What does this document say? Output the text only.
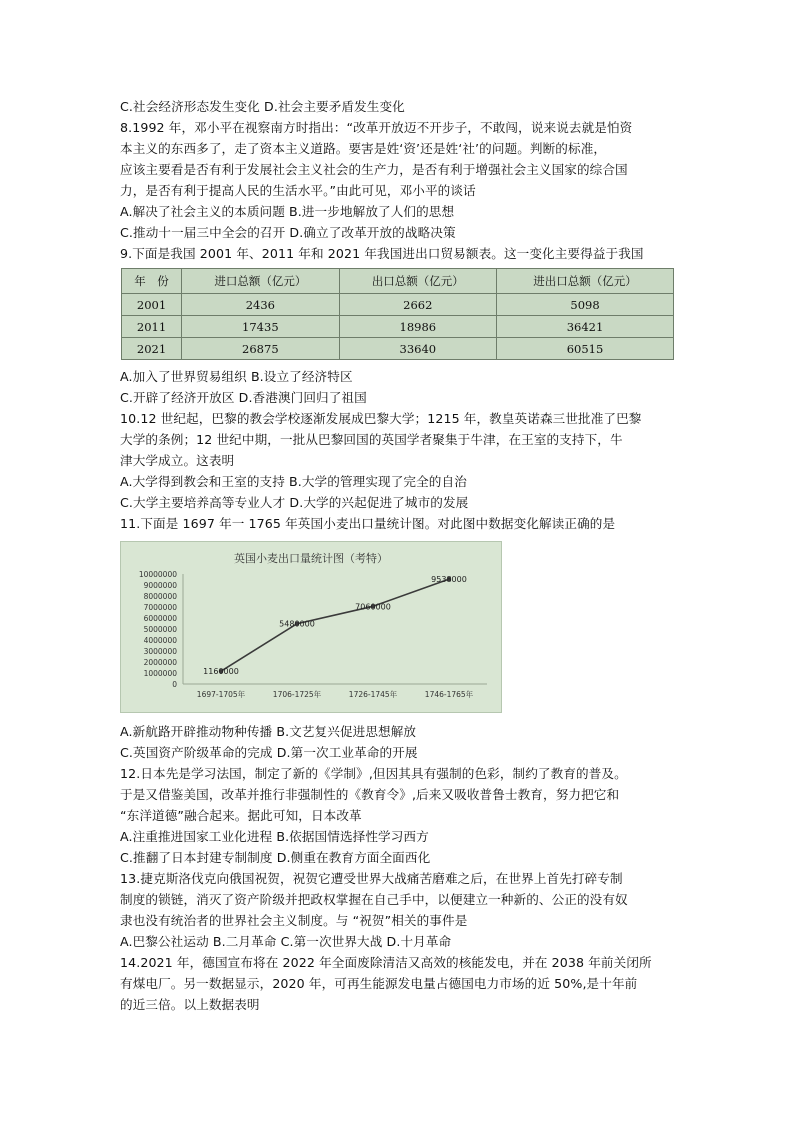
C.社会经济形态发生变化 D.社会主要矛盾发生变化
8.1992 年，邓小平在视察南方时指出：“改革开放迈不开步子，不敢闯，说来说去就是怕资
本主义的东西多了，走了资本主义道路。要害是姓‘资’还是姓‘社’的问题。判断的标准，
应该主要看是否有利于发展社会主义社会的生产力，是否有利于增强社会主义国家的综合国
力，是否有利于提高人民的生活水平。”由此可见，邓小平的谈话
A.解决了社会主义的本质问题 B.进一步地解放了人们的思想
C.推动十一届三中全会的召开 D.确立了改革开放的战略决策
9.下面是我国 2001 年、2011 年和 2021 年我国进出口贸易额表。这一变化主要得益于我国
年　份	进口总额（亿元）	出口总额（亿元）	进出口总额（亿元）
2001	2436	2662	5098
2011	17435	18986	36421
2021	26875	33640	60515
A.加入了世界贸易组织 B.设立了经济特区
C.开辟了经济开放区 D.香港澳门回归了祖国
10.12 世纪起，巴黎的教会学校逐渐发展成巴黎大学；1215 年，教皇英诺森三世批准了巴黎
大学的条例；12 世纪中期，一批从巴黎回国的英国学者聚集于牛津，在王室的支持下，牛
津大学成立。这表明
A.大学得到教会和王室的支持 B.大学的管理实现了完全的自治
C.大学主要培养高等专业人才 D.大学的兴起促进了城市的发展
11.下面是 1697 年一 1765 年英国小麦出口量统计图。对此图中数据变化解读正确的是
英国小麦出口量统计图（考特）
10000000
9000000
8000000
7000000
6000000
5000000
4000000
3000000
2000000
1000000
0
1697-1705年	1706-1725年	1726-1745年	1746-1765年
1160000
5480000
7060000
9538000
A.新航路开辟推动物种传播 B.文艺复兴促进思想解放
C.英国资产阶级革命的完成 D.第一次工业革命的开展
12.日本先是学习法国，制定了新的《学制》,但因其具有强制的色彩，制约了教育的普及。
于是又借鉴美国，改革并推行非强制性的《教育令》,后来又吸收普鲁士教育，努力把它和
“东洋道德”融合起来。据此可知，日本改革
A.注重推进国家工业化进程 B.依据国情选择性学习西方
C.推翻了日本封建专制制度 D.侧重在教育方面全面西化
13.捷克斯洛伐克向俄国祝贺，祝贺它遭受世界大战痛苦磨难之后，在世界上首先打碎专制
制度的锁链，消灭了资产阶级并把政权掌握在自己手中，以便建立一种新的、公正的没有奴
隶也没有统治者的世界社会主义制度。与 “祝贺”相关的事件是
A.巴黎公社运动 B.二月革命 C.第一次世界大战 D.十月革命
14.2021 年，德国宣布将在 2022 年全面废除清洁又高效的核能发电，并在 2038 年前关闭所
有煤电厂。另一数据显示，2020 年，可再生能源发电量占德国电力市场的近 50%,是十年前
的近三倍。以上数据表明
